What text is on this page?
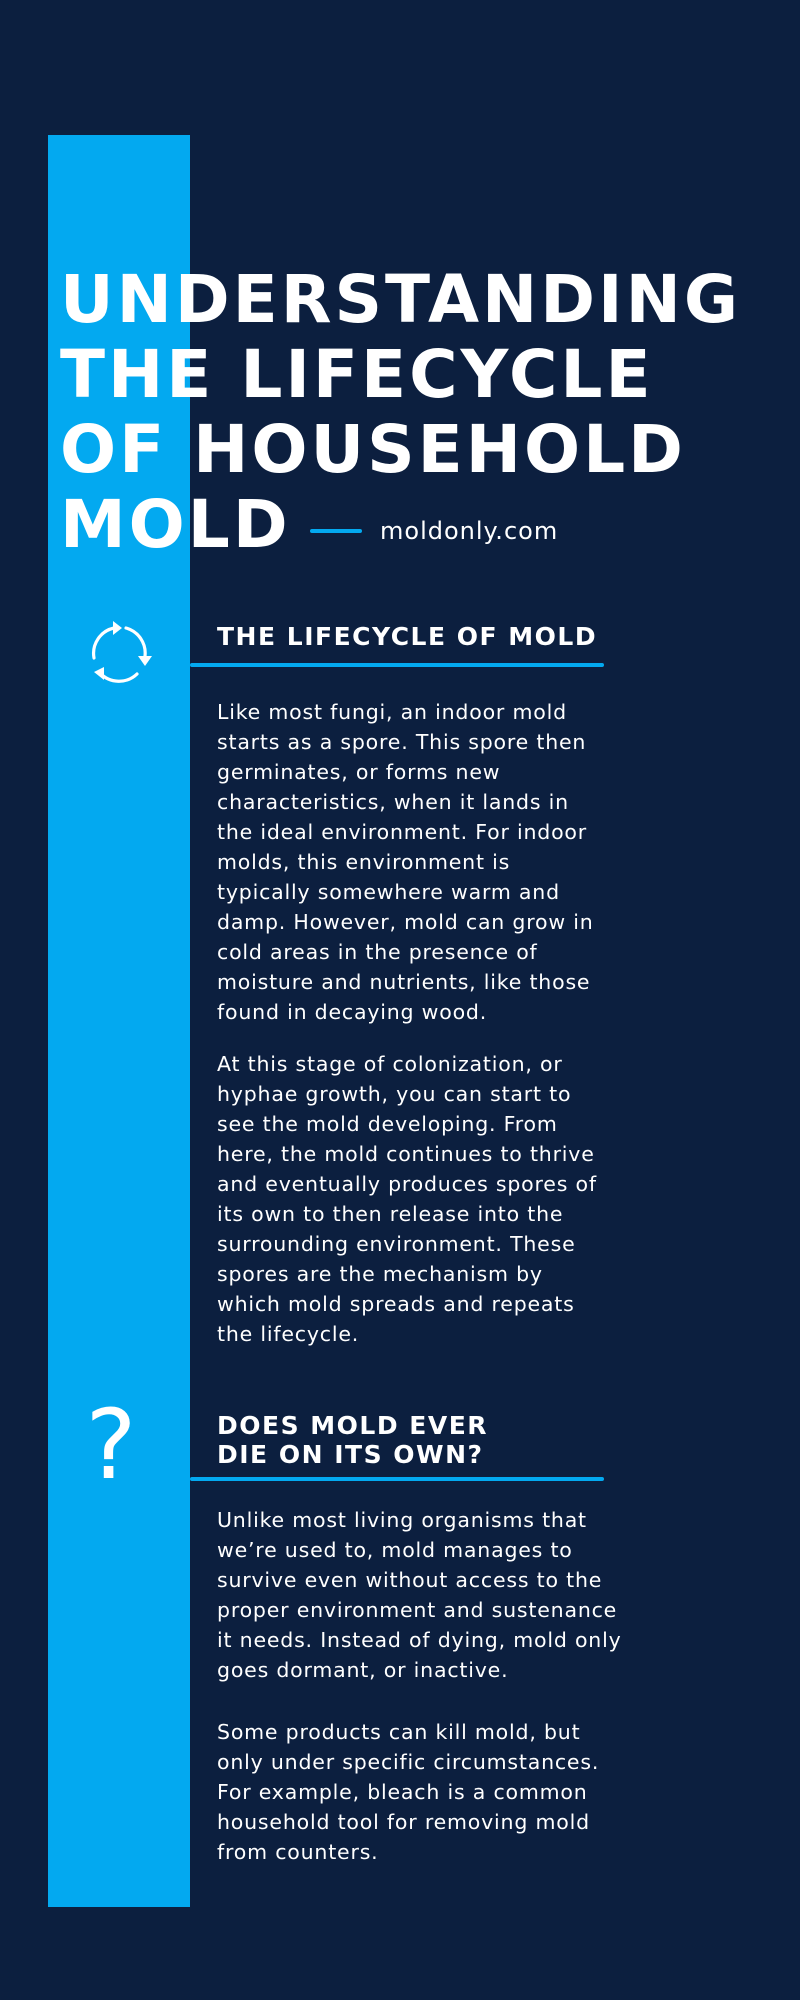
UNDERSTANDING
THE LIFECYCLE
OF HOUSEHOLD
MOLD	moldonly.com
THE LIFECYCLE OF MOLD

Like most fungi, an indoor mold
starts as a spore. This spore then
germinates, or forms new
characteristics, when it lands in
the ideal environment. For indoor
molds, this environment is
typically somewhere warm and
damp. However, mold can grow in
cold areas in the presence of
moisture and nutrients, like those
found in decaying wood.

At this stage of colonization, or
hyphae growth, you can start to
see the mold developing. From
here, the mold continues to thrive
and eventually produces spores of
its own to then release into the
surrounding environment. These
spores are the mechanism by
which mold spreads and repeats
the lifecycle.

?	DOES MOLD EVER
DIE ON ITS OWN?

Unlike most living organisms that
we’re used to, mold manages to
survive even without access to the
proper environment and sustenance
it needs. Instead of dying, mold only
goes dormant, or inactive.

Some products can kill mold, but
only under specific circumstances.
For example, bleach is a common
household tool for removing mold
from counters.
